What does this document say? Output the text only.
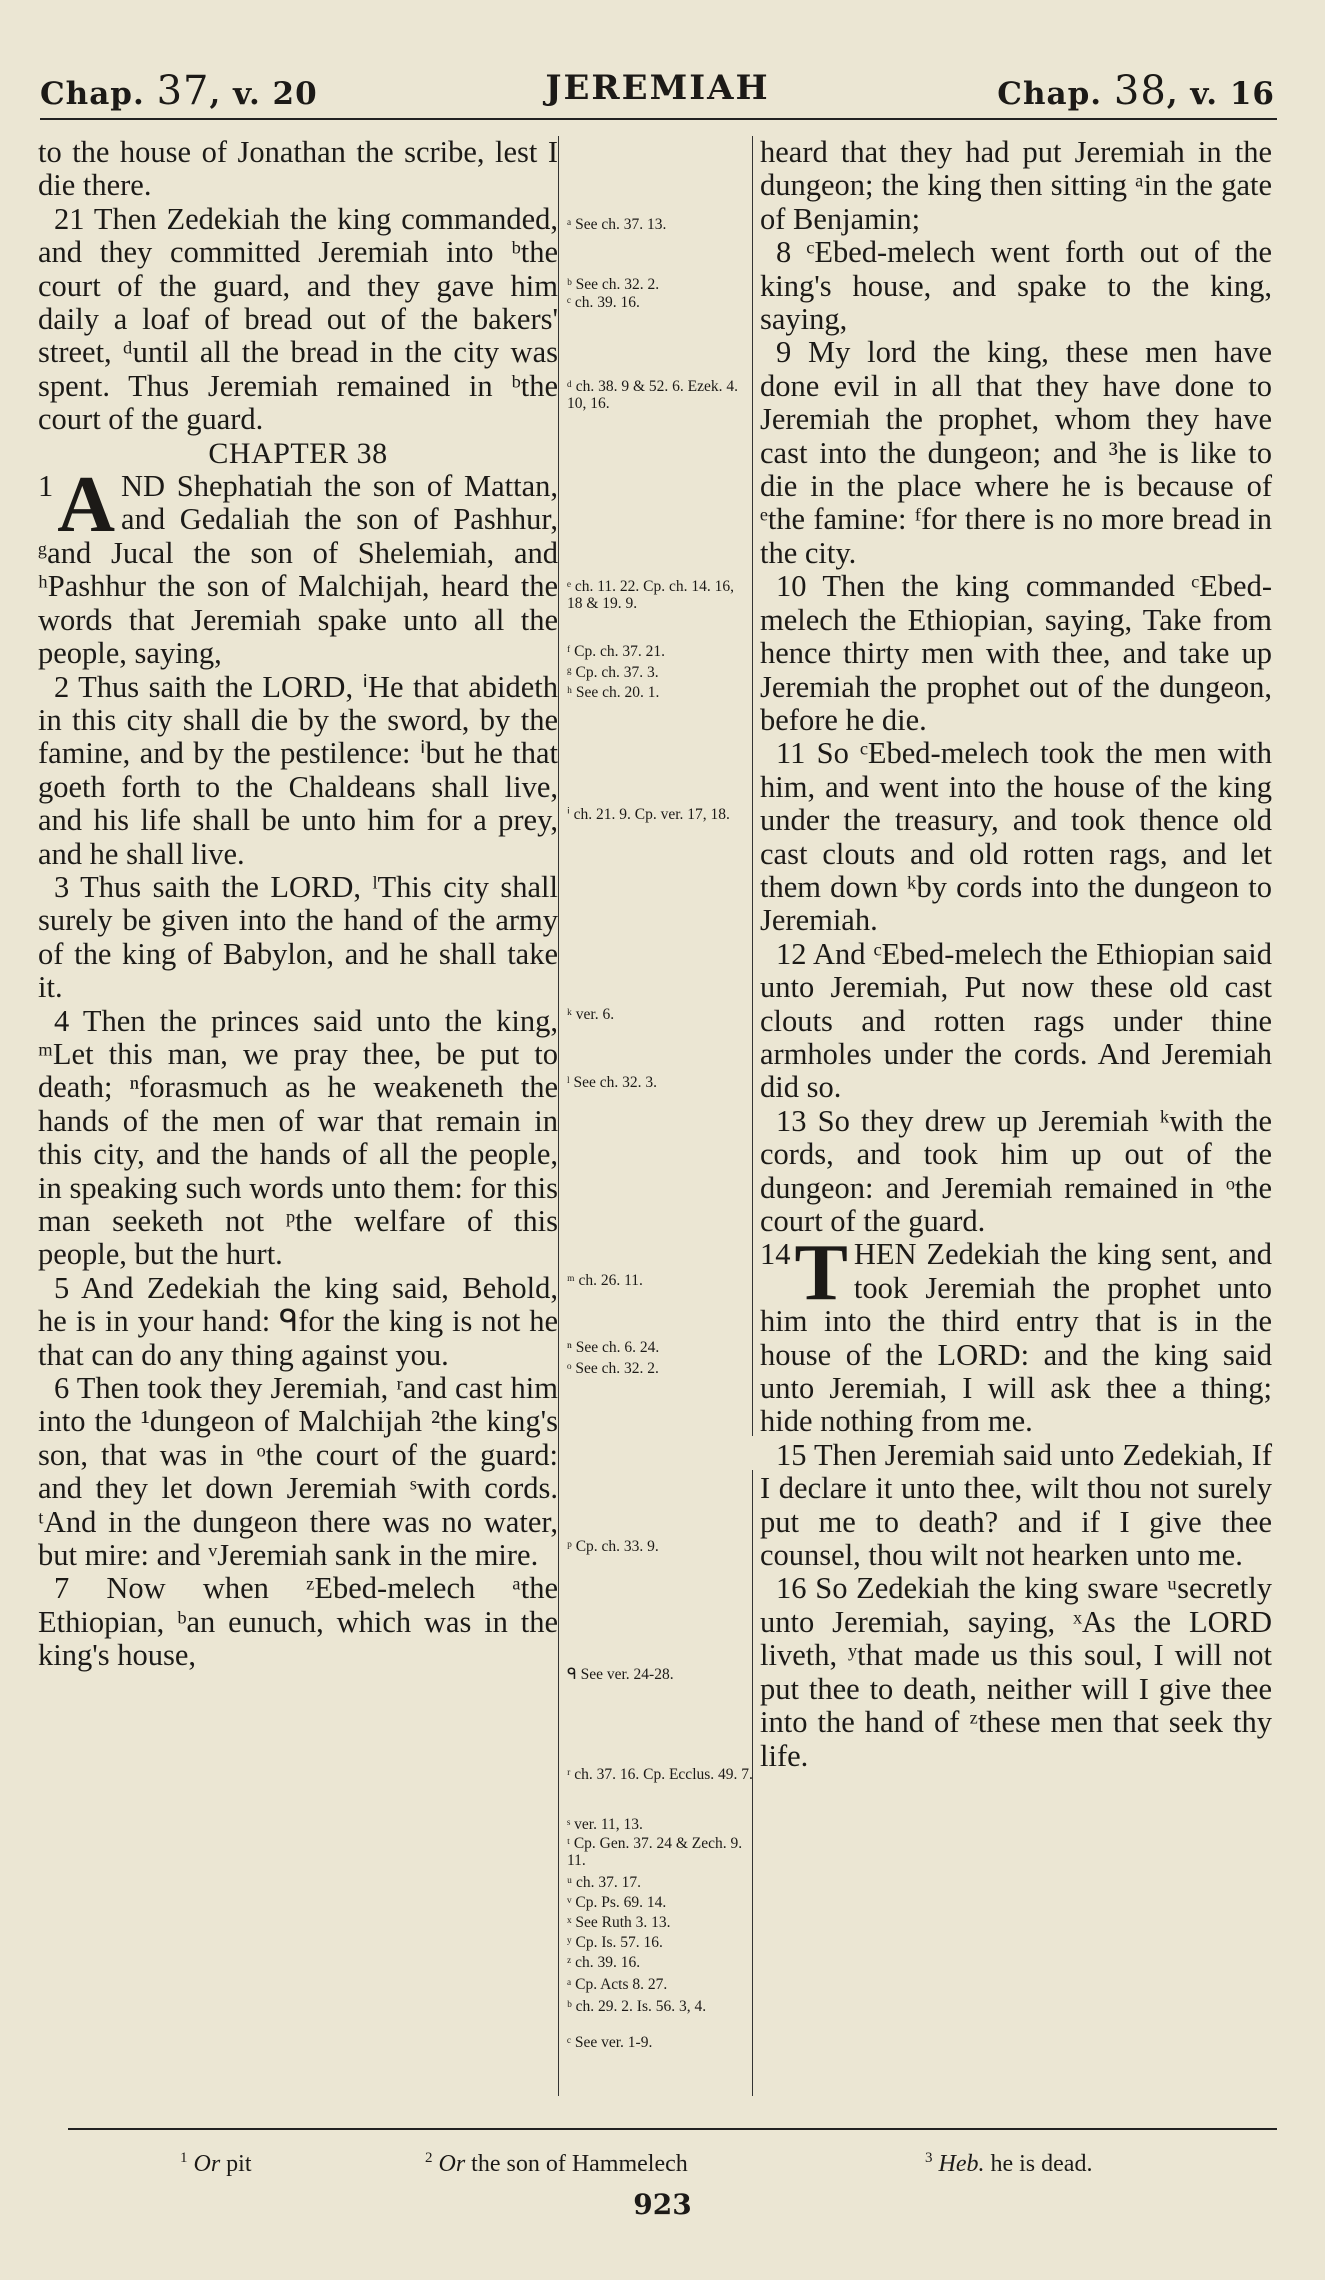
Chap. 37, v. 20	JEREMIAH	Chap. 38, v. 16

to the house of Jonathan the scribe, lest I die there.

21 Then Zedekiah the king commanded, and they committed Jeremiah into ᵇthe court of the guard, and they gave him daily a loaf of bread out of the bakers' street, ᵈuntil all the bread in the city was spent. Thus Jeremiah remained in ᵇthe court of the guard.

CHAPTER 38

1 A ND Shephatiah the son of Mattan, and Gedaliah the son of Pashhur, ᵍand Jucal the son of Shelemiah, and ʰPashhur the son of Malchijah, heard the words that Jeremiah spake unto all the people, saying,

2 Thus saith the LORD, ⁱHe that abideth in this city shall die by the sword, by the famine, and by the pestilence: ⁱbut he that goeth forth to the Chaldeans shall live, and his life shall be unto him for a prey, and he shall live.

3 Thus saith the LORD, ˡThis city shall surely be given into the hand of the army of the king of Babylon, and he shall take it.

4 Then the princes said unto the king, ᵐLet this man, we pray thee, be put to death; ⁿforasmuch as he weakeneth the hands of the men of war that remain in this city, and the hands of all the people, in speaking such words unto them: for this man seeketh not ᵖthe welfare of this people, but the hurt.

5 And Zedekiah the king said, Behold, he is in your hand: ᑫfor the king is not he that can do any thing against you.

6 Then took they Jeremiah, ʳand cast him into the ¹dungeon of Malchijah ²the king's son, that was in ᵒthe court of the guard: and they let down Jeremiah ˢwith cords. ᵗAnd in the dungeon there was no water, but mire: and ᵛJeremiah sank in the mire.

7 Now when ᶻEbed-melech ᵃthe Ethiopian, ᵇan eunuch, which was in the king's house,

ᵃ See ch. 37. 13.
ᵇ See ch. 32. 2.
ᶜ ch. 39. 16.
ᵈ ch. 38. 9 & 52. 6. Ezek. 4. 10, 16.
ᵉ ch. 11. 22. Cp. ch. 14. 16, 18 & 19. 9.
ᶠ Cp. ch. 37. 21.
ᵍ Cp. ch. 37. 3.
ʰ See ch. 20. 1.
ⁱ ch. 21. 9. Cp. ver. 17, 18.
ᵏ ver. 6.
ˡ See ch. 32. 3.
ᵐ ch. 26. 11.
ⁿ See ch. 6. 24.
ᵒ See ch. 32. 2.
ᵖ Cp. ch. 33. 9.
ᑫ See ver. 24-28.
ʳ ch. 37. 16. Cp. Ecclus. 49. 7.
ˢ ver. 11, 13.
ᵗ Cp. Gen. 37. 24 & Zech. 9. 11.
ᵘ ch. 37. 17.
ᵛ Cp. Ps. 69. 14.
ˣ See Ruth 3. 13.
ʸ Cp. Is. 57. 16.
ᶻ ch. 39. 16.
ᵃ Cp. Acts 8. 27.
ᵇ ch. 29. 2. Is. 56. 3, 4.
ᶜ See ver. 1-9.

heard that they had put Jeremiah in the dungeon; the king then sitting ᵃin the gate of Benjamin;

8 ᶜEbed-melech went forth out of the king's house, and spake to the king, saying,

9 My lord the king, these men have done evil in all that they have done to Jeremiah the prophet, whom they have cast into the dungeon; and ³he is like to die in the place where he is because of ᵉthe famine: ᶠfor there is no more bread in the city.

10 Then the king commanded ᶜEbed-melech the Ethiopian, saying, Take from hence thirty men with thee, and take up Jeremiah the prophet out of the dungeon, before he die.

11 So ᶜEbed-melech took the men with him, and went into the house of the king under the treasury, and took thence old cast clouts and old rotten rags, and let them down ᵏby cords into the dungeon to Jeremiah.

12 And ᶜEbed-melech the Ethiopian said unto Jeremiah, Put now these old cast clouts and rotten rags under thine armholes under the cords. And Jeremiah did so.

13 So they drew up Jeremiah ᵏwith the cords, and took him up out of the dungeon: and Jeremiah remained in ᵒthe court of the guard.

14 T HEN Zedekiah the king sent, and took Jeremiah the prophet unto him into the third entry that is in the house of the LORD: and the king said unto Jeremiah, I will ask thee a thing; hide nothing from me.

15 Then Jeremiah said unto Zedekiah, If I declare it unto thee, wilt thou not surely put me to death? and if I give thee counsel, thou wilt not hearken unto me.

16 So Zedekiah the king sware ᵘsecretly unto Jeremiah, saying, ˣAs the LORD liveth, ʸthat made us this soul, I will not put thee to death, neither will I give thee into the hand of ᶻthese men that seek thy life.

$^1$ Or pit	$^2$ Or the son of Hammelech	$^3$ Heb. he is dead.
923
